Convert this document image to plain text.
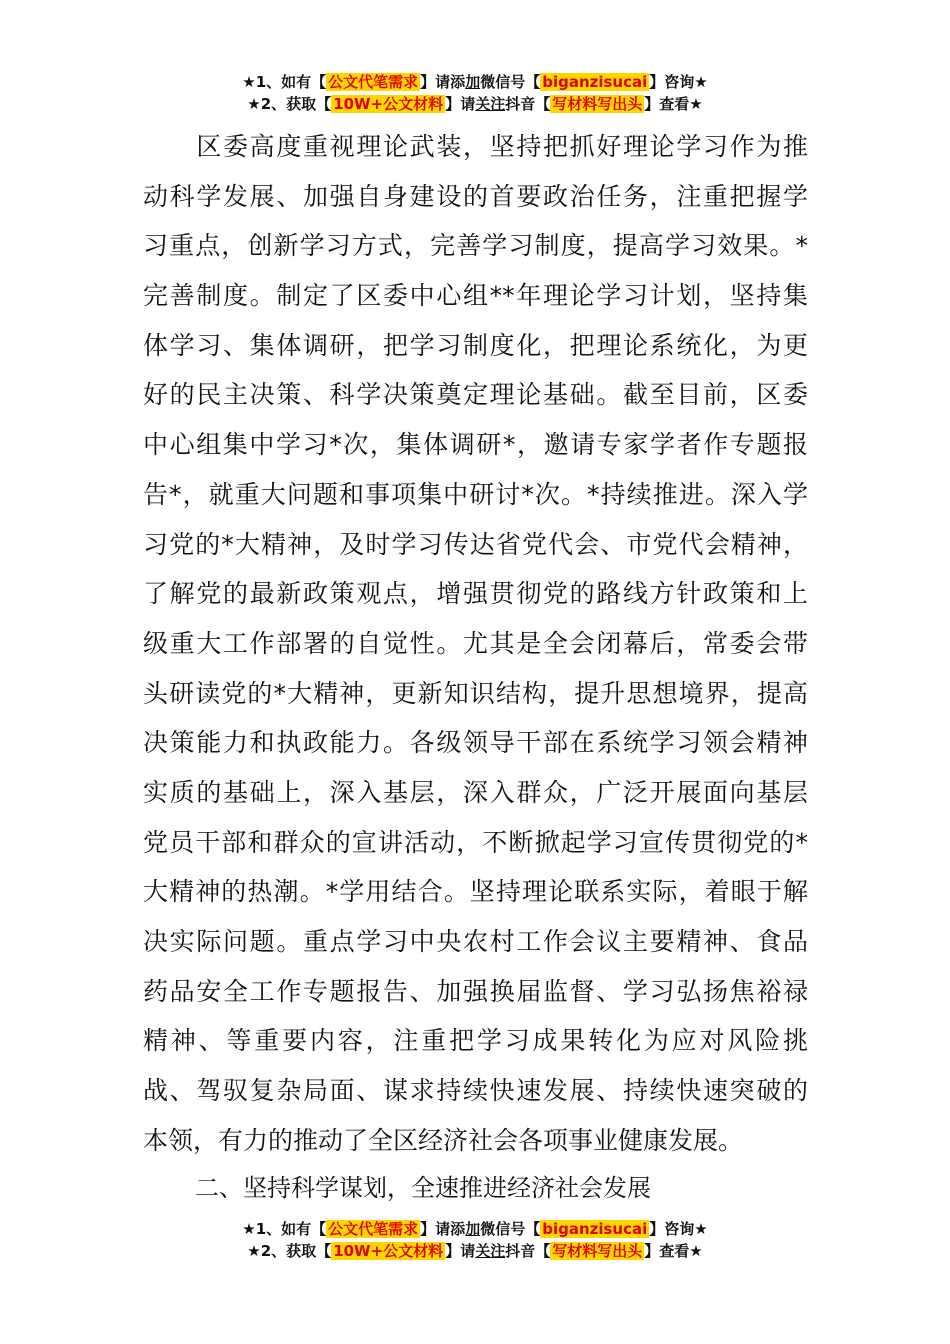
★1、如有【 公文代笔需求 】请添加微信号【 biganzisucai 】咨询★
★2、获取【 10W+公文材料 】请关注抖音【 写材料写出头 】查看★
　　区委高度重视理论武装，坚持把抓好理论学习作为推
动科学发展、加强自身建设的首要政治任务，注重把握学
习重点，创新学习方式，完善学习制度，提高学习效果。*
完善制度。制定了区委中心组**年理论学习计划，坚持集
体学习、集体调研，把学习制度化，把理论系统化，为更
好的民主决策、科学决策奠定理论基础。截至目前，区委
中心组集中学习*次，集体调研*，邀请专家学者作专题报
告*，就重大问题和事项集中研讨*次。*持续推进。深入学
习党的*大精神，及时学习传达省党代会、市党代会精神，
了解党的最新政策观点，增强贯彻党的路线方针政策和上
级重大工作部署的自觉性。尤其是全会闭幕后，常委会带
头研读党的*大精神，更新知识结构，提升思想境界，提高
决策能力和执政能力。各级领导干部在系统学习领会精神
实质的基础上，深入基层，深入群众，广泛开展面向基层
党员干部和群众的宣讲活动，不断掀起学习宣传贯彻党的*
大精神的热潮。*学用结合。坚持理论联系实际，着眼于解
决实际问题。重点学习中央农村工作会议主要精神、食品
药品安全工作专题报告、加强换届监督、学习弘扬焦裕禄
精神、等重要内容，注重把学习成果转化为应对风险挑
战、驾驭复杂局面、谋求持续快速发展、持续快速突破的
本领，有力的推动了全区经济社会各项事业健康发展。
二、坚持科学谋划，全速推进经济社会发展
★1、如有【 公文代笔需求 】请添加微信号【 biganzisucai 】咨询★
★2、获取【 10W+公文材料 】请关注抖音【 写材料写出头 】查看★
